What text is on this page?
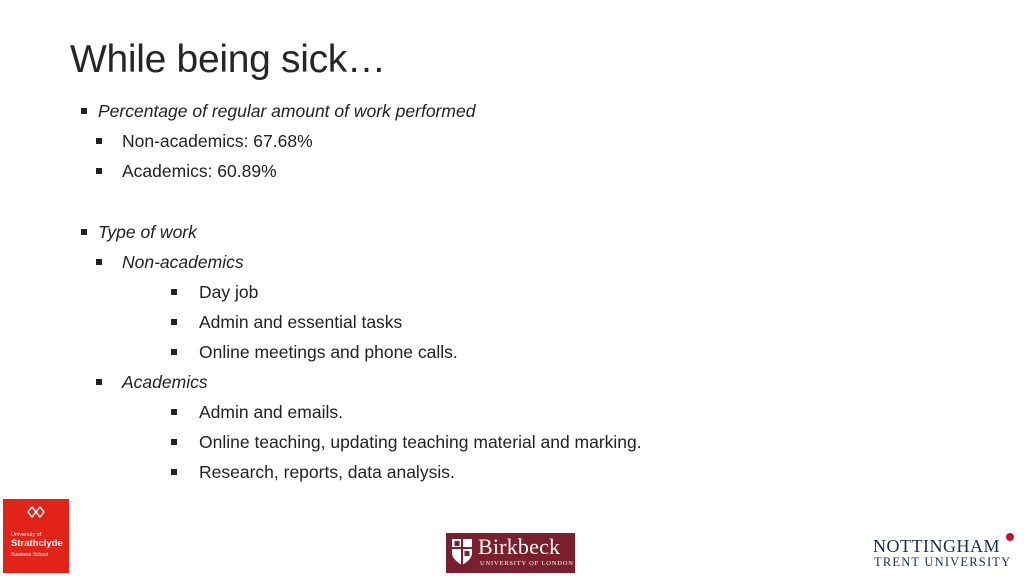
While being sick…
Percentage of regular amount of work performed
Non-academics: 67.68%
Academics: 60.89%
Type of work
Non-academics
Day job
Admin and essential tasks
Online meetings and phone calls.
Academics
Admin and emails.
Online teaching, updating teaching material and marking.
Research, reports, data analysis.
University of
Strathclyde
Business School	Birkbeck
UNIVERSITY OF LONDON
NOTTINGHAM
TRENT UNIVERSITY
